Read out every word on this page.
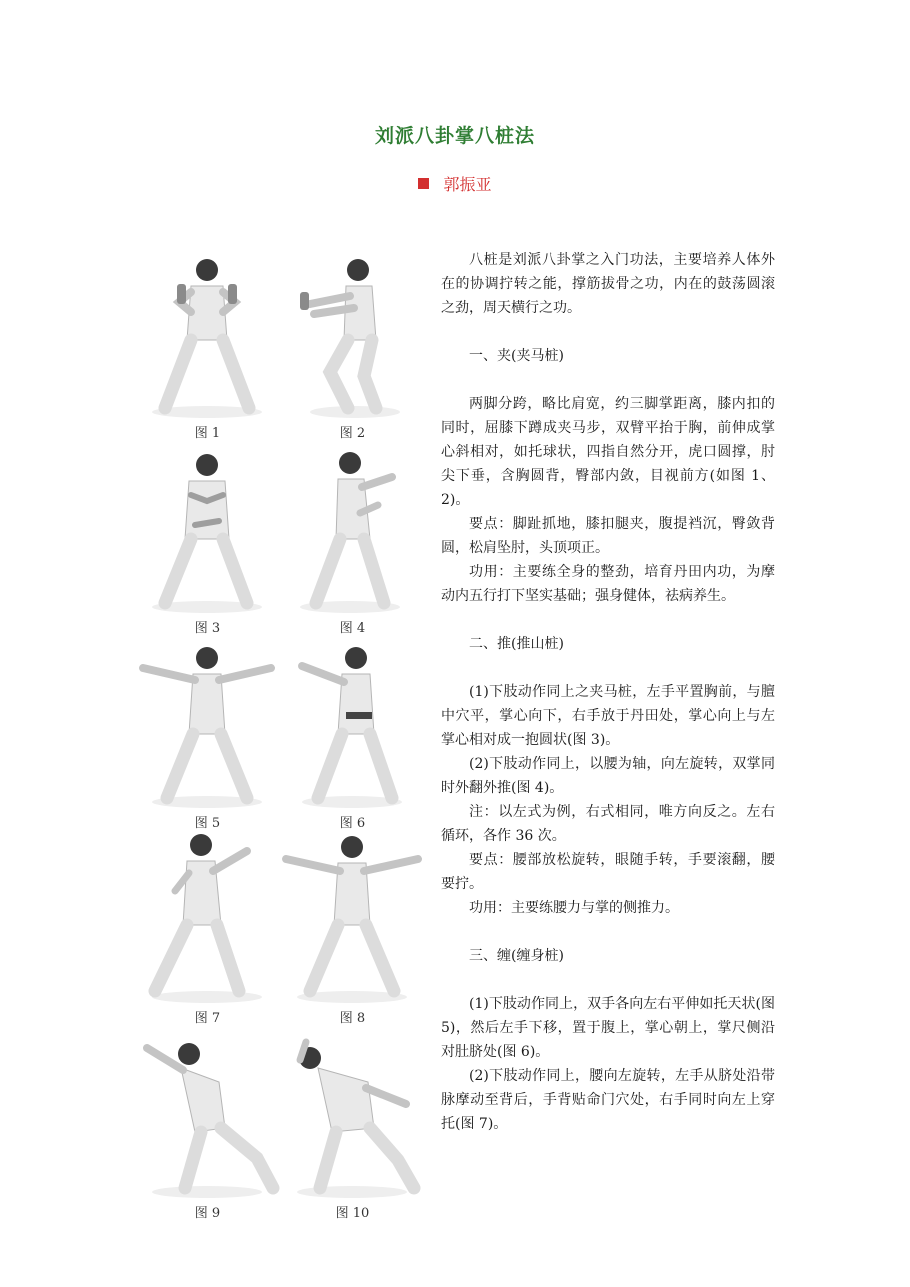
刘派八卦掌八桩法
郭振亚
图 1	图 2
图 3	图 4
图 5	图 6
图 7	图 8
图 9	图 10

八桩是刘派八卦掌之入门功法，主要培养人体外在的协调拧转之能，撑筋拔骨之功，内在的鼓荡圆滚之劲，周天横行之功。

一、夹(夹马桩)

两脚分跨，略比肩宽，约三脚掌距离，膝内扣的同时，屈膝下蹲成夹马步，双臂平抬于胸，前伸成掌心斜相对，如托球状，四指自然分开，虎口圆撑，肘尖下垂，含胸圆背，臀部内敛，目视前方(如图 1、2)。

要点：脚趾抓地，膝扣腿夹，腹提裆沉，臀敛背圆，松肩坠肘，头顶项正。

功用：主要练全身的整劲，培育丹田内功，为摩动内五行打下坚实基础；强身健体，祛病养生。

二、推(推山桩)

(1)下肢动作同上之夹马桩，左手平置胸前，与膻中穴平，掌心向下，右手放于丹田处，掌心向上与左掌心相对成一抱圆状(图 3)。

(2)下肢动作同上，以腰为轴，向左旋转，双掌同时外翻外推(图 4)。

注：以左式为例，右式相同，唯方向反之。左右循环，各作 36 次。

要点：腰部放松旋转，眼随手转，手要滚翻，腰要拧。

功用：主要练腰力与掌的侧推力。

三、缠(缠身桩)

(1)下肢动作同上，双手各向左右平伸如托天状(图 5)，然后左手下移，置于腹上，掌心朝上，掌尺侧沿对肚脐处(图 6)。

(2)下肢动作同上，腰向左旋转，左手从脐处沿带脉摩动至背后，手背贴命门穴处，右手同时向左上穿托(图 7)。
